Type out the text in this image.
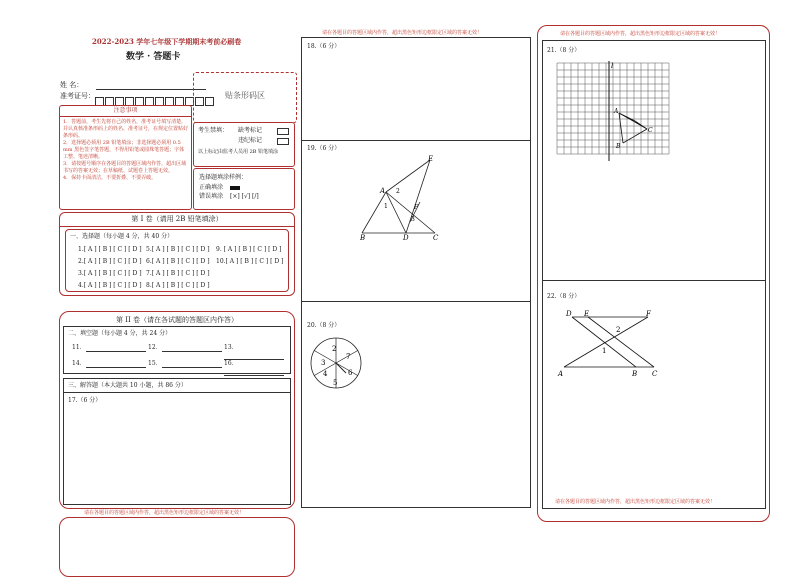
2022-2023 学年七年级下学期期末考前必刷卷
数学 · 答题卡
姓 名：
准考证号：	贴条形码区
注意事项
1．答题前，考生先将自己的姓名，准考证号填写清楚，并认真核准条形码上的姓名、准考证号，在规定位置贴好条形码。
2．选择题必须用 2B 铅笔填涂；非选择题必须用 0.5 mm 黑色签字笔答题，不得用铅笔或圆珠笔答题；字体工整、笔迹清晰。
3．请按题号顺序在各题目的答题区域内作答，超出区域书写的答案无效；在草稿纸、试题卷上答题无效。
4．保持卡面清洁，不要折叠、不要弄破。
考生禁填： 缺考标记
违纪标记
以上标记由监考人员用 2B 铅笔填涂
选择题填涂样例：
正确填涂
错误填涂 [×] [√] [/]
第 I 卷（请用 2B 铅笔填涂）
一、选择题（每小题 4 分，共 40 分）
1.[ A ] [ B ] [ C ] [ D ] 5.[ A ] [ B ] [ C ] [ D ] 9. [ A ] [ B ] [ C ] [ D ]
2.[ A ] [ B ] [ C ] [ D ] 6.[ A ] [ B ] [ C ] [ D ] 10.[ A ] [ B ] [ C ] [ D ]
3.[ A ] [ B ] [ C ] [ D ] 7.[ A ] [ B ] [ C ] [ D ]
4.[ A ] [ B ] [ C ] [ D ] 8.[ A ] [ B ] [ C ] [ D ]
第 II 卷（请在各试题的答题区内作答）
二、填空题（每小题 4 分，共 24 分）
11．	12．	13．
14．	15．	16．
三、解答题（本大题共 10 小题，共 86 分）
17.（6 分）
请在各题目的答题区域内作答，超出黑色矩形边框限定区域的答案无效！
请在各题目的答题区域内作答，超出黑色矩形边框限定区域的答案无效！
18.（6 分）
19.（6 分）
E
A 2
1	F
3
B	D	C
20.（8 分）
2
3
7
4	6
5
请在各题目的答题区域内作答，超出黑色矩形边框限定区域的答案无效！
21.（8 分）
l
A
C
B
22.（8 分）
D E	F
2
1
A	B C
请在各题目的答题区域内作答，超出黑色矩形边框限定区域的答案无效！
